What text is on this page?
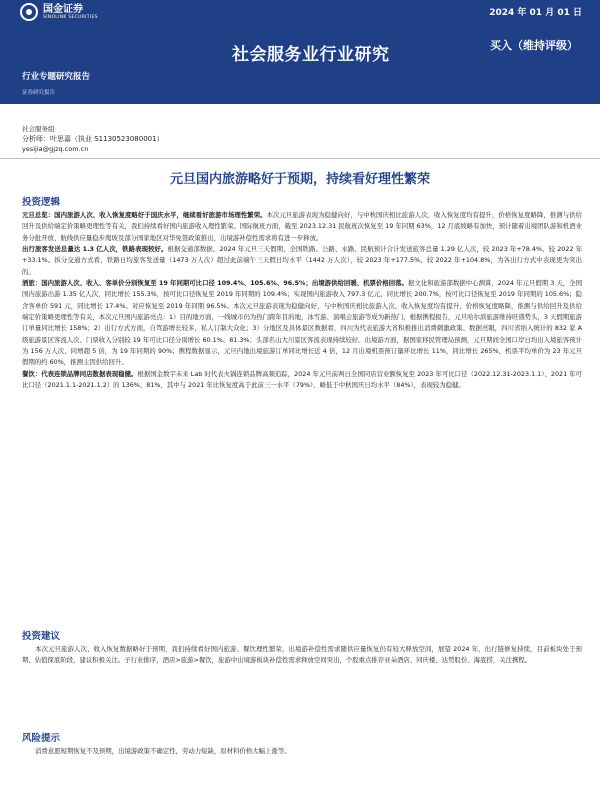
国金证券
SINOLINK SECURITIES	2024 年 01 月 01 日
社会服务业行业研究	买入（维持评级）
行业专题研究报告
证券研究报告
社会服务组
分析师：叶思嘉（执业 S1130523080001）
yesijia@gjzq.com.cn
元旦国内旅游略好于预期，持续看好理性繁荣
投资逻辑

元旦总览：国内旅游人次、收入恢复度略好于国庆水平，继续看好旅游市场理性繁荣。本次元旦旅游表现为稳健向好，与中秋国庆相比旅游人次、收入恢复度均有提升，价格恢复度略降，推测与供给回升及供给端定价策略更理性等有关，我们持续看好国内旅游收入理性繁荣。国际航班方面，截至 2023.12.31 民航班次恢复至 19 年同期 63%，12 月底坡略有加快，预计随着出境团队游和机酒业务分批开放、航线供应量稳步爬坡及部分国家地区对华免签政策推出，出境游补偿性需求将有进一步释放。

出行旅客发送总量达 1.3 亿人次，铁路表现较好。根据交通部数据，2024 年元旦三天假期，全国铁路、公路、水路、民航预计合计发送旅客总量 1.29 亿人次，较 2023 年+78.4%、较 2022 年+33.1%。拆分交通方式看，铁路日均旅客发送量（1473 万人次）超过此前端午三天假日均水平（1442 万人次），较 2023 年+177.5%、较 2022 年+104.8%，为各出行方式中表现更为突出的。

酒旅：国内旅游人次、收入、客单价分别恢复至 19 年同期可比口径 109.4%、105.6%、96.5%；出境游供给回暖、机票价格回落。据文化和旅游部数据中心测算，2024 年元旦假期 3 天，全国国内旅游出游 1.35 亿人次，同比增长 155.3%，按可比口径恢复至 2019 年同期的 109.4%；实现国内旅游收入 797.3 亿元，同比增长 200.7%，按可比口径恢复至 2019 年同期的 105.6%；隐含客单价 591 元，同比增长 17.4%。对应恢复至 2019 年同期 96.5%。本次元旦旅游表现为稳健向好，与中秋国庆相比旅游人次、收入恢复度均有提升，价格恢复度略降，推测与供给回升及供给端定价策略更理性等有关，本次元旦国内旅游亮点：1）目的地方面，一线城市仍为热门跨年目的地，冰雪游、演唱会旅游等成为新热门，根据携程报告，元旦哈尔滨旅游维持旺盛势头，3 天假期旅游订单量同比增长 158%；2）出行方式方面，自驾游增长较多，私人订制大众化；3）分地区及具体景区数据看，四川为代表旅游大省积极推出消费刺激政策、数据亮眼，四川省纳入统计的 832 家 A 级旅游景区客流人次、门票收入分别较 19 年可比口径分别增长 60.1%、81.3%；头部名山大川景区客流表现持续较好。出境游方面，据国家移民管理局预测，元旦期间全国口岸日均出入境旅客预计为 156 万人次，同增超 5 倍，为 19 年同期的 90%；携程数据显示，元旦内地出境旅游订单同比增长近 4 倍，12 月出境机票预订量环比增长 11%，同比增长 265%，机票平均单价为 23 年元旦假期的约 60%，推测主因供给回升。

餐饮：代表连锁品牌同店数据表现稳健。根据国金数字未来 Lab 时代表火锅连锁品牌高频追踪，2024 年元旦前两日全国同店营业额恢复至 2023 年可比口径（2022.12.31-2023.1.1）、2021 年可比口径（2021.1.1-2021.1.2）的 136%、81%，其中与 2021 年比恢复度高于此前三一水平（79%）、略低于中秋国庆日均水平（84%），表现较为稳健。

投资建议

本次元旦旅游人次、收入恢复数据略好于预期，我们持续看好国内旅游、餐饮理性繁荣，出境游补偿性需求随供应量恢复仍有较大释放空间，展望 2024 年，出行链修复持续，目前板块处于预期、估值探底阶段，建议积极关注。子行业排序，酒店>旅游>餐饮，旅游中出境游板块补偿性需求释放空间突出，个股重点推荐亚朵酒店、同庆楼、达势股份、海底捞，关注携程。

风险提示

消费意愿短期恢复不及预期，出境游政策不确定性，劳动力短缺，原材料价格大幅上涨等。
